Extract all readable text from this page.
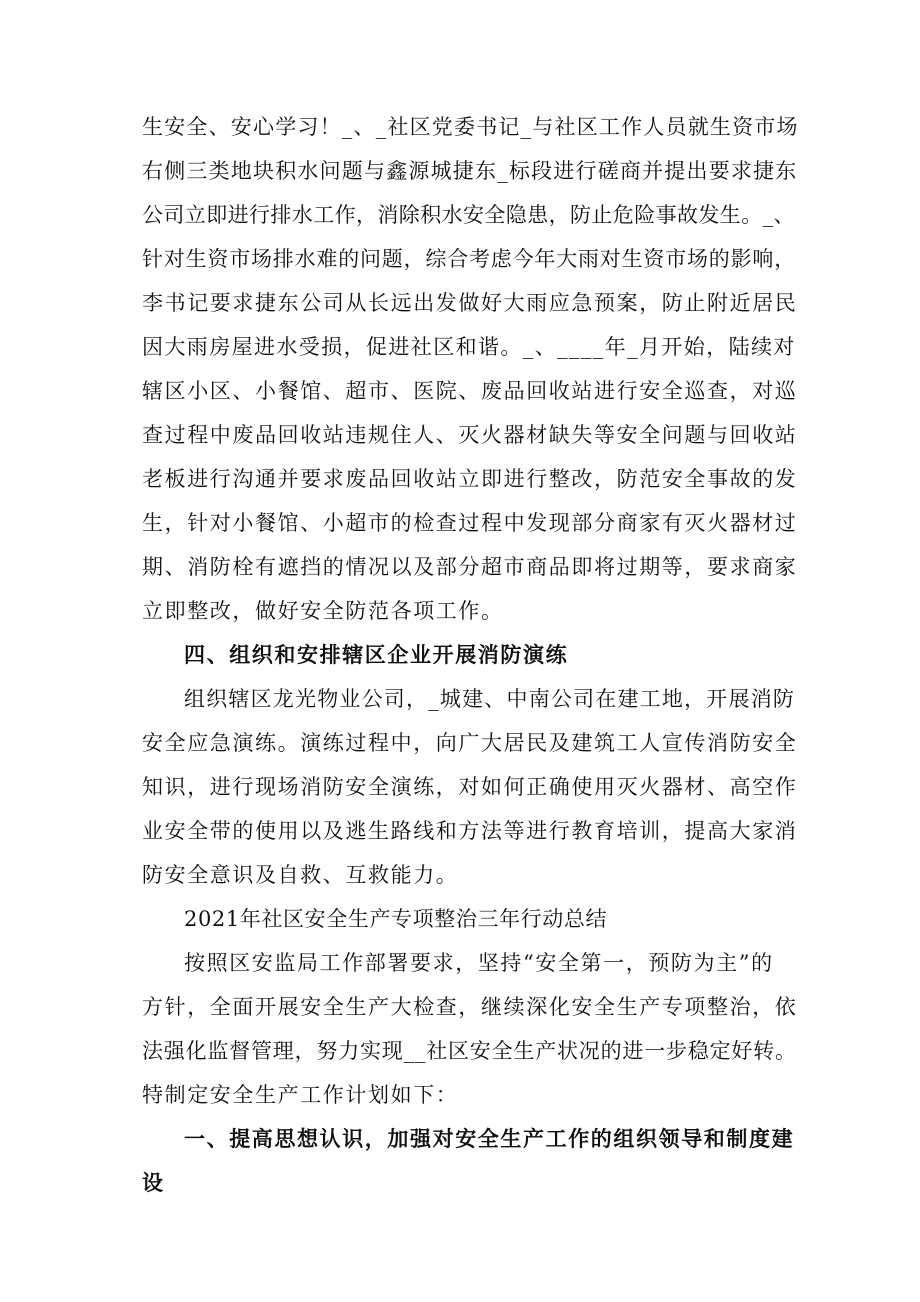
生安全、安心学习！_、_社区党委书记_与社区工作人员就生资市场
右侧三类地块积水问题与鑫源城捷东_标段进行磋商并提出要求捷东
公司立即进行排水工作，消除积水安全隐患，防止危险事故发生。_、
针对生资市场排水难的问题，综合考虑今年大雨对生资市场的影响，
李书记要求捷东公司从长远出发做好大雨应急预案，防止附近居民
因大雨房屋进水受损，促进社区和谐。_、____年_月开始，陆续对
辖区小区、小餐馆、超市、医院、废品回收站进行安全巡查，对巡
查过程中废品回收站违规住人、灭火器材缺失等安全问题与回收站
老板进行沟通并要求废品回收站立即进行整改，防范安全事故的发
生，针对小餐馆、小超市的检查过程中发现部分商家有灭火器材过
期、消防栓有遮挡的情况以及部分超市商品即将过期等，要求商家
立即整改，做好安全防范各项工作。
四、组织和安排辖区企业开展消防演练
组织辖区龙光物业公司，_城建、中南公司在建工地，开展消防
安全应急演练。演练过程中，向广大居民及建筑工人宣传消防安全
知识，进行现场消防安全演练，对如何正确使用灭火器材、高空作
业安全带的使用以及逃生路线和方法等进行教育培训，提高大家消
防安全意识及自救、互救能力。
2021年社区安全生产专项整治三年行动总结
按照区安监局工作部署要求，坚持“安全第一，预防为主”的
方针，全面开展安全生产大检查，继续深化安全生产专项整治，依
法强化监督管理，努力实现__社区安全生产状况的进一步稳定好转。
特制定安全生产工作计划如下：
一、提高思想认识，加强对安全生产工作的组织领导和制度建
设
